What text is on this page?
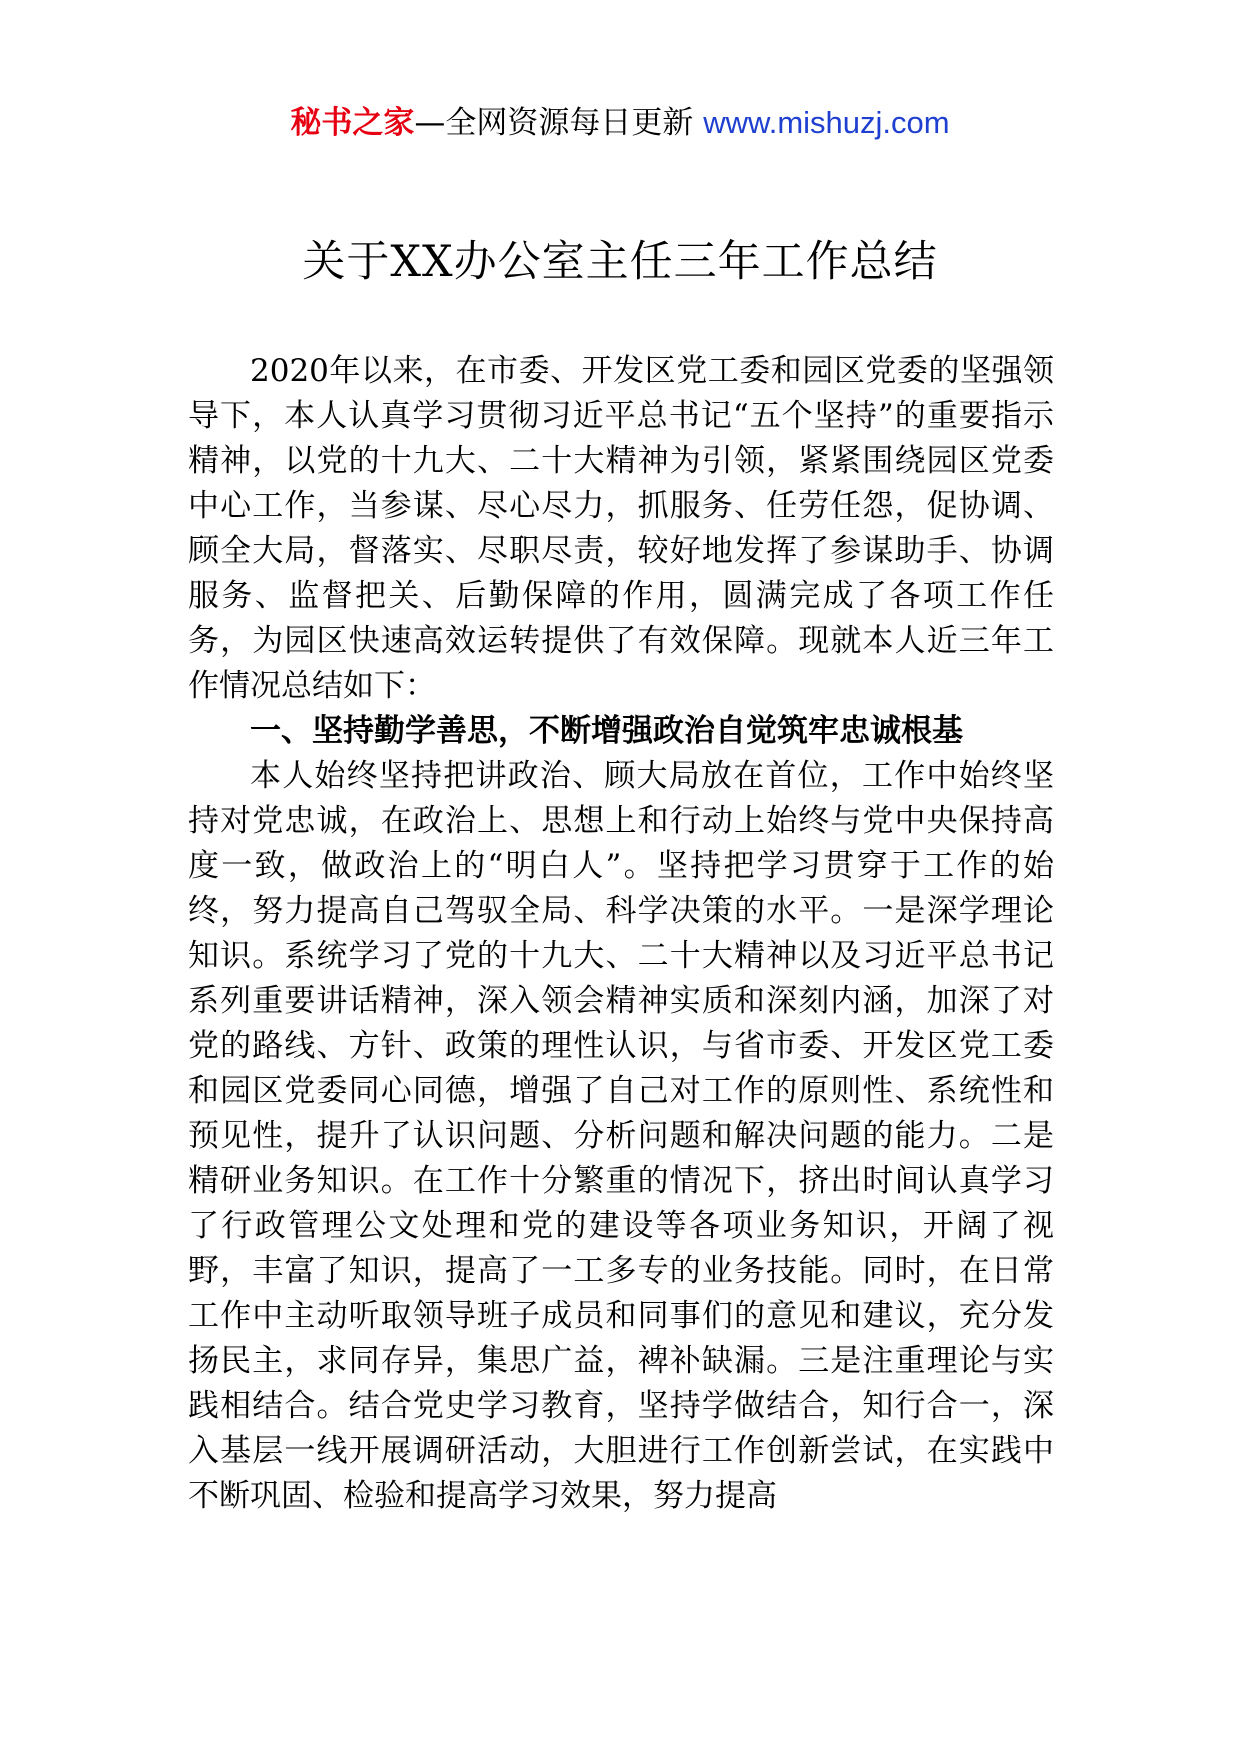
秘书之家—全网资源每日更新 www.mishuzj.com
关于XX办公室主任三年工作总结

2020年以来，在市委、开发区党工委和园区党委的坚强领导下，本人认真学习贯彻习近平总书记“五个坚持”的重要指示精神，以党的十九大、二十大精神为引领，紧紧围绕园区党委中心工作，当参谋、尽心尽力，抓服务、任劳任怨，促协调、顾全大局，督落实、尽职尽责，较好地发挥了参谋助手、协调服务、监督把关、后勤保障的作用，圆满完成了各项工作任务，为园区快速高效运转提供了有效保障。现就本人近三年工作情况总结如下：

一、坚持勤学善思，不断增强政治自觉筑牢忠诚根基

本人始终坚持把讲政治、顾大局放在首位，工作中始终坚持对党忠诚，在政治上、思想上和行动上始终与党中央保持高度一致，做政治上的“明白人”。坚持把学习贯穿于工作的始终，努力提高自己驾驭全局、科学决策的水平。一是深学理论知识。系统学习了党的十九大、二十大精神以及习近平总书记系列重要讲话精神，深入领会精神实质和深刻内涵，加深了对党的路线、方针、政策的理性认识，与省市委、开发区党工委和园区党委同心同德，增强了自己对工作的原则性、系统性和预见性，提升了认识问题、分析问题和解决问题的能力。二是精研业务知识。在工作十分繁重的情况下，挤出时间认真学习了行政管理公文处理和党的建设等各项业务知识，开阔了视野，丰富了知识，提高了一工多专的业务技能。同时，在日常工作中主动听取领导班子成员和同事们的意见和建议，充分发扬民主，求同存异，集思广益，裨补缺漏。三是注重理论与实践相结合。结合党史学习教育，坚持学做结合，知行合一，深入基层一线开展调研活动，大胆进行工作创新尝试，在实践中不断巩固、检验和提高学习效果，努力提高
